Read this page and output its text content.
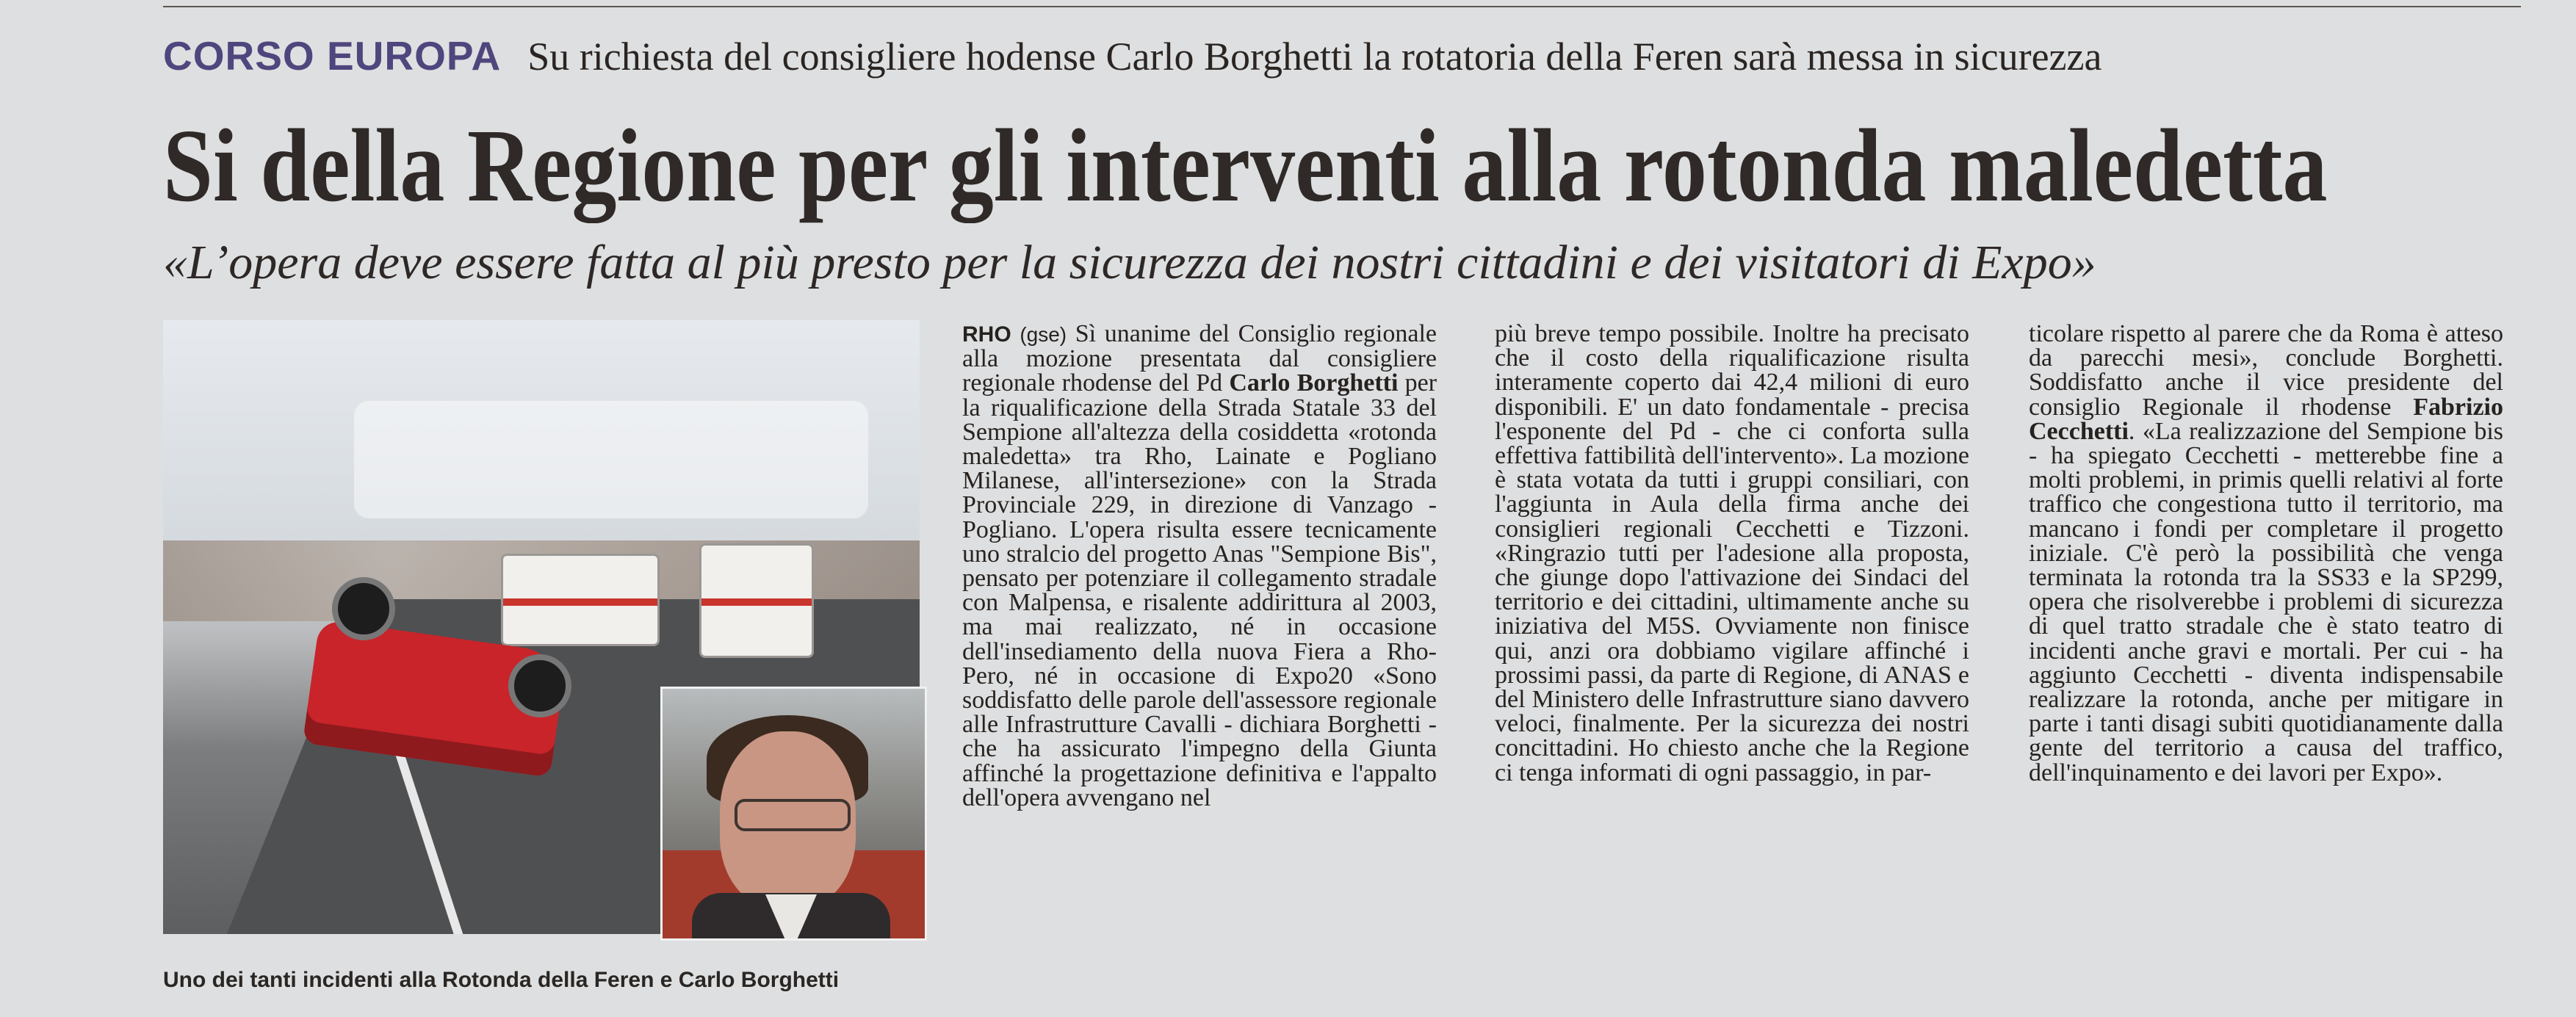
CORSO EUROPA Su richiesta del consigliere hodense Carlo Borghetti la rotatoria della Feren sarà messa in sicurezza
Si della Regione per gli interventi alla rotonda maledetta
«L’opera deve essere fatta al più presto per la sicurezza dei nostri cittadini e dei visitatori di Expo»
Uno dei tanti incidenti alla Rotonda della Feren e Carlo Borghetti

RHO (gse) Sì unanime del Consiglio regionale alla mozione presentata dal consigliere regionale rhodense del Pd Carlo Borghetti per la riqualificazione della Strada Statale 33 del Sempione all'altezza della cosiddetta «rotonda maledetta» tra Rho, Lainate e Pogliano Milanese, all'intersezione» con la Strada Provinciale 229, in direzione di Vanzago - Pogliano. L'opera risulta essere tecnicamente uno stralcio del progetto Anas "Sempione Bis", pensato per potenziare il collegamento stradale con Malpensa, e risalente addirittura al 2003, ma mai realizzato, né in occasione dell'insediamento della nuova Fiera a Rho-Pero, né in occasione di Expo20 «Sono soddisfatto delle parole dell'assessore regionale alle Infrastrutture Cavalli - dichiara Borghetti - che ha assicurato l'impegno della Giunta affinché la progettazione definitiva e l'appalto dell'opera avvengano nel

più breve tempo possibile. Inoltre ha precisato che il costo della riqualificazione risulta interamente coperto dai 42,4 milioni di euro disponibili. E' un dato fondamentale - precisa l'esponente del Pd - che ci conforta sulla effettiva fattibilità dell'intervento». La mozione è stata votata da tutti i gruppi consiliari, con l'aggiunta in Aula della firma anche dei consiglieri regionali Cecchetti e Tizzoni. «Ringrazio tutti per l'adesione alla proposta, che giunge dopo l'attivazione dei Sindaci del territorio e dei cittadini, ultimamente anche su iniziativa del M5S. Ovviamente non finisce qui, anzi ora dobbiamo vigilare affinché i prossimi passi, da parte di Regione, di ANAS e del Ministero delle Infrastrutture siano davvero veloci, finalmente. Per la sicurezza dei nostri concittadini. Ho chiesto anche che la Regione ci tenga informati di ogni passaggio, in par-

ticolare rispetto al parere che da Roma è atteso da parecchi mesi», conclude Borghetti. Soddisfatto anche il vice presidente del consiglio Regionale il rhodense Fabrizio Cecchetti. «La realizzazione del Sempione bis - ha spiegato Cecchetti - metterebbe fine a molti problemi, in primis quelli relativi al forte traffico che congestiona tutto il territorio, ma mancano i fondi per completare il progetto iniziale. C'è però la possibilità che venga terminata la rotonda tra la SS33 e la SP299, opera che risolverebbe i problemi di sicurezza di quel tratto stradale che è stato teatro di incidenti anche gravi e mortali. Per cui - ha aggiunto Cecchetti - diventa indispensabile realizzare la rotonda, anche per mitigare in parte i tanti disagi subiti quotidianamente dalla gente del territorio a causa del traffico, dell'inquinamento e dei lavori per Expo».
